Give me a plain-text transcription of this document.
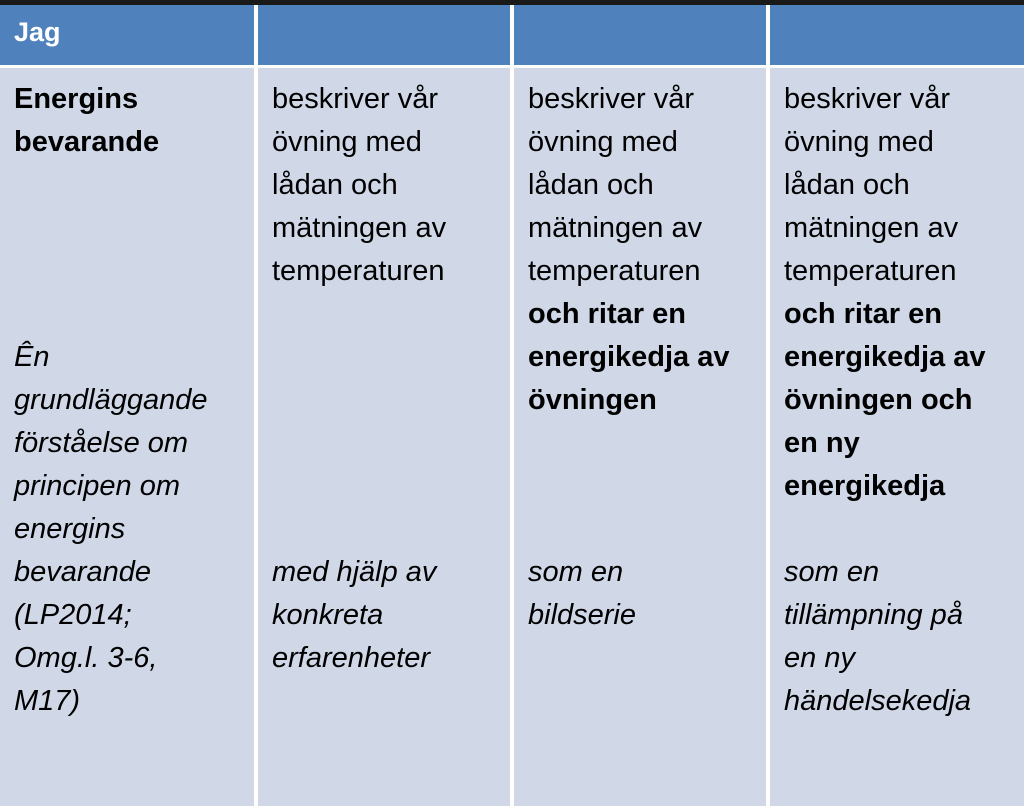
Jag
Energins
bevarande
Ên
grundläggande
förståelse om
principen om
energins
bevarande
(LP2014;
Omg.l. 3-6,
M17)
beskriver vår
övning med
lådan och
mätningen av
temperaturen
med hjälp av
konkreta
erfarenheter
beskriver vår
övning med
lådan och
mätningen av
temperaturen
och ritar en
energikedja av
övningen
som en
bildserie
beskriver vår
övning med
lådan och
mätningen av
temperaturen
och ritar en
energikedja av
övningen och
en ny
energikedja
som en
tillämpning på
en ny
händelsekedja
